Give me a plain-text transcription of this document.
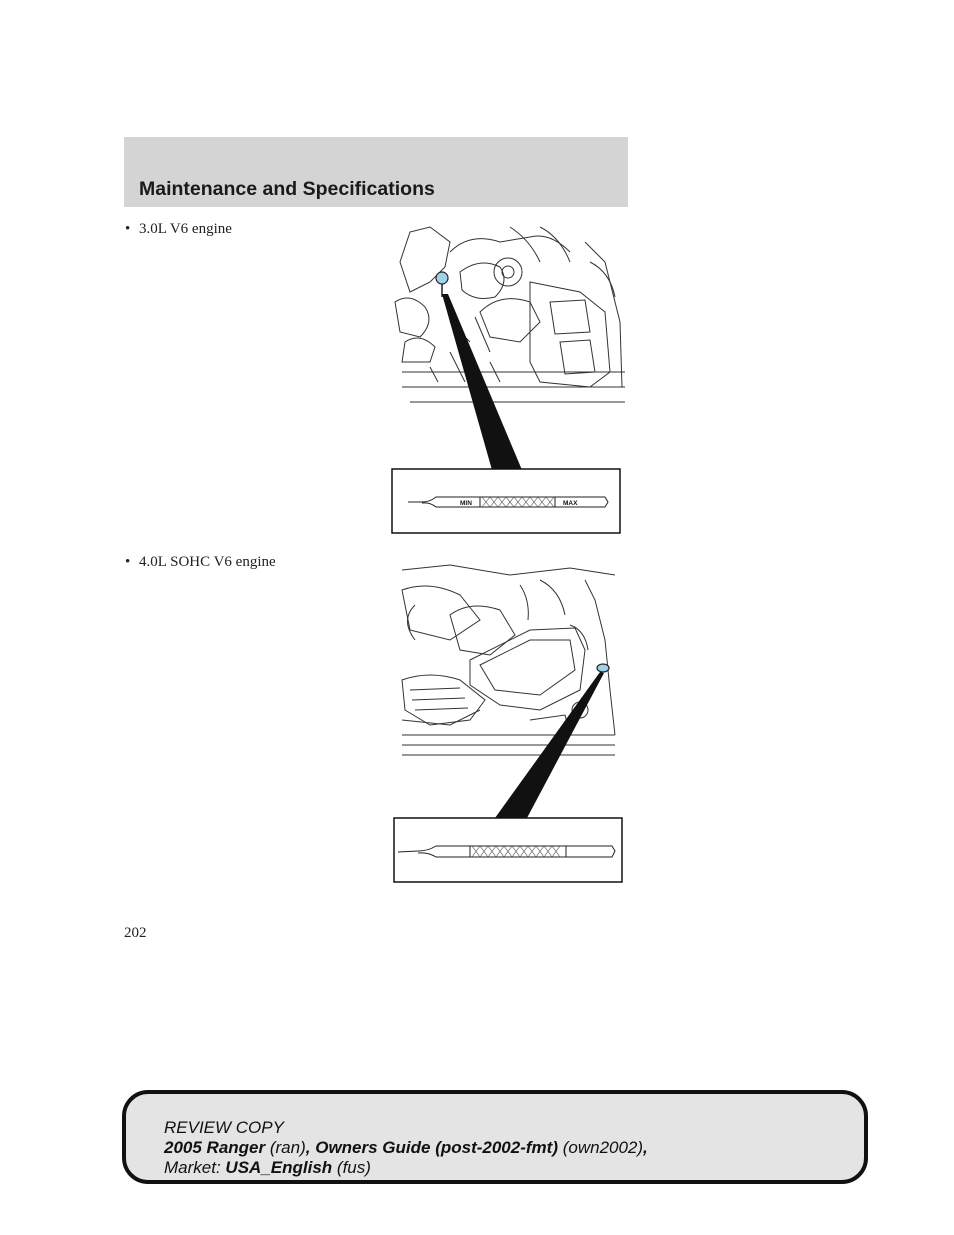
Maintenance and Specifications
• 3.0L V6 engine
MIN	MAX
• 4.0L SOHC V6 engine
202
REVIEW COPY
2005 Ranger (ran), Owners Guide (post-2002-fmt) (own2002),
Market: USA_English (fus)
